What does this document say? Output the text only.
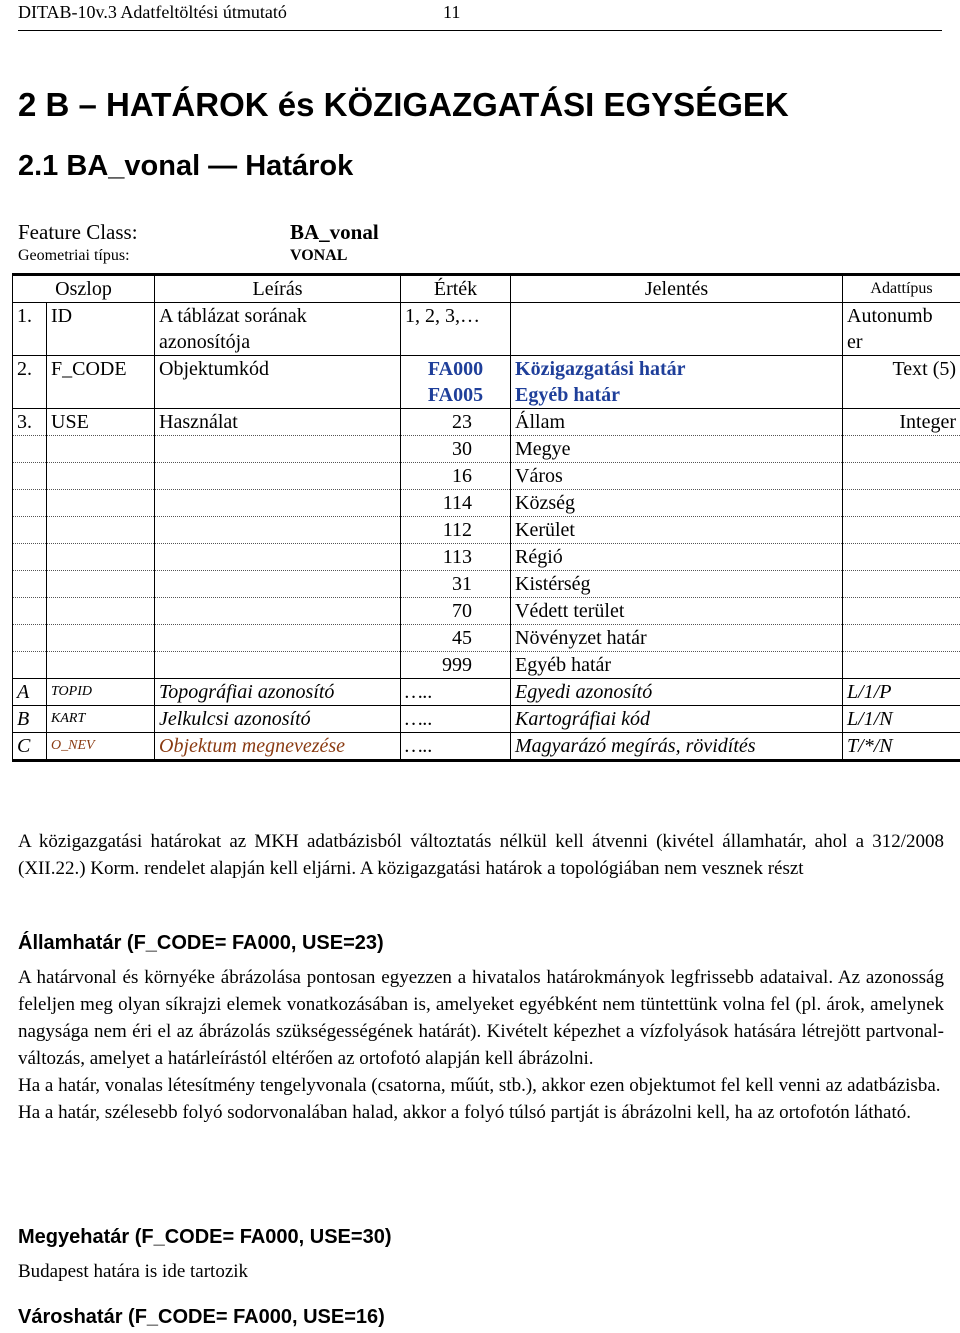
DITAB-10v.3 Adatfeltöltési útmutató	11
2 B – HATÁROK és KÖZIGAZGATÁSI EGYSÉGEK
2.1 BA_vonal — Határok
Feature Class:	BA_vonal
Geometriai típus:	VONAL
Oszlop		Leírás	Érték	Jelentés	Adattípus
1.	ID	A táblázat sorának	1, 2, 3,…		Autonumb
		azonosítója			er
2.	F_CODE	Objektumkód	FA000	Közigazgatási határ	Text (5)
			FA005	Egyéb határ	
3.	USE	Használat	23	Állam	Integer
			30	Megye	
			16	Város	
			114	Község	
			112	Kerület	
			113	Régió	
			31	Kistérség	
			70	Védett terület	
			45	Növényzet határ	
			999	Egyéb határ	
A	TOPID	Topográfiai azonosító	…..	Egyedi azonosító	L/1/P
B	KART	Jelkulcsi azonosító	…..	Kartográfiai kód	L/1/N
C	O_NEV	Objektum megnevezése	…..	Magyarázó megírás, rövidítés	T/*/N

A közigazgatási határokat az MKH adatbázisból változtatás nélkül kell átvenni (kivétel államhatár, ahol a 312/2008 (XII.22.) Korm. rendelet alapján kell eljárni. A közigazgatási határok a topológiában nem vesznek részt

Államhatár (F_CODE= FA000, USE=23)

A határvonal és környéke ábrázolása pontosan egyezzen a hivatalos határokmányok legfrissebb adataival. Az azonosság feleljen meg olyan síkrajzi elemek vonatkozásában is, amelyeket egyébként nem tüntettünk volna fel (pl. árok, amelynek nagysága nem éri el az ábrázolás szükségességének határát). Kivételt képezhet a vízfolyások hatására létrejött partvonal-változás, amelyet a határleírástól eltérően az ortofotó alapján kell ábrázolni.

Ha a határ, vonalas létesítmény tengelyvonala (csatorna, műút, stb.), akkor ezen objektumot fel kell venni az adatbázisba.

Ha a határ, szélesebb folyó sodorvonalában halad, akkor a folyó túlsó partját is ábrázolni kell, ha az ortofotón látható.

Megyehatár (F_CODE= FA000, USE=30)

Budapest határa is ide tartozik

Városhatár (F_CODE= FA000, USE=16)
